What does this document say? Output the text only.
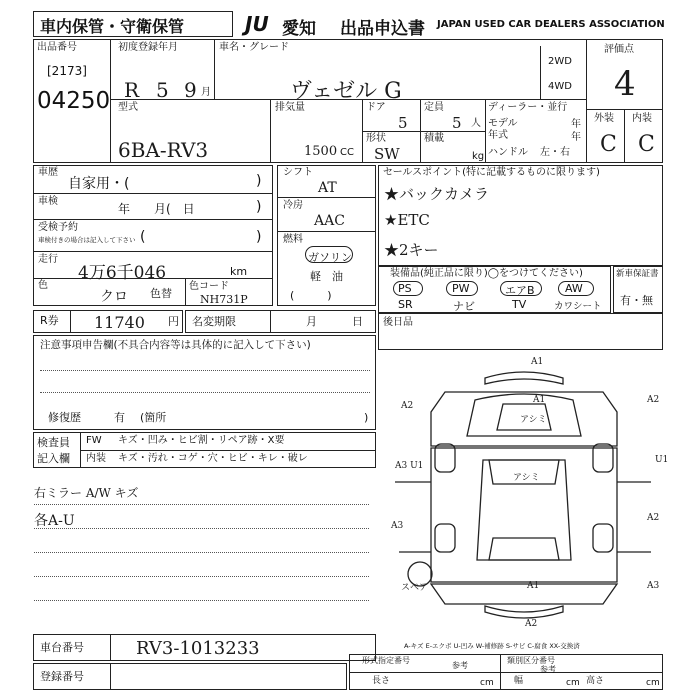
車内保管・守衛保管	JU 愛知 出品申込書 JAPAN USED CAR DEALERS ASSOCIATION
出品番号
[2173]
04250
初度登録年月
R 5 9 月
車名・グレード
ヴェゼル G
2WD
4WD
評価点
4
型式
6BA-RV3
排気量
1500 CC
ドア
5
定員
5 人
ディーラー・並行
モデル	年
年式	年
ハンドル 左・右
形状
SW
積載
kg
外装 内装
C C
車歴
自家用・(	)
車検
年　　月(　日	)
受検予約
車検付きの場合は記入して下さい (	)
走行
4万6千046	km
色
クロ 色替
色コード
NH731P
シフト
AT
冷房
AAC
燃料
ガソリン
軽　油
(　　　)
セールスポイント(特に記載するものに限ります)
★バックカメラ
★ETC
★2キー
装備品(純正品に限り)◯をつけてください)
PS	PW	エアB	AW
SR	ナビ	TV	カワシート
新車保証書
有・無
R券 11740 円 名変期限	月	日 後日品
注意事項申告欄(不具合内容等は具体的に記入して下さい)
修復歴	有 (箇所	)
検査員
記入欄
FW キズ・凹み・ヒビ割・リペア跡・X要
内装 キズ・汚れ・コゲ・穴・ヒビ・キレ・破レ
右ミラー A/W キズ
各A-U
A1
A2
A1
アシミ
A2
A3 U1
U1
アシミ
A3
A2
A1
A2
スペア	A3
A-キズ E-エクボ U-凹み W-補修跡 S-サビ C-腐食 XX-交換済
車台番号	RV3-1013233
登録番号
形式指定番号
参考
類別区分番号
参考
長さ	cm 幅	cm 高さ	cm
